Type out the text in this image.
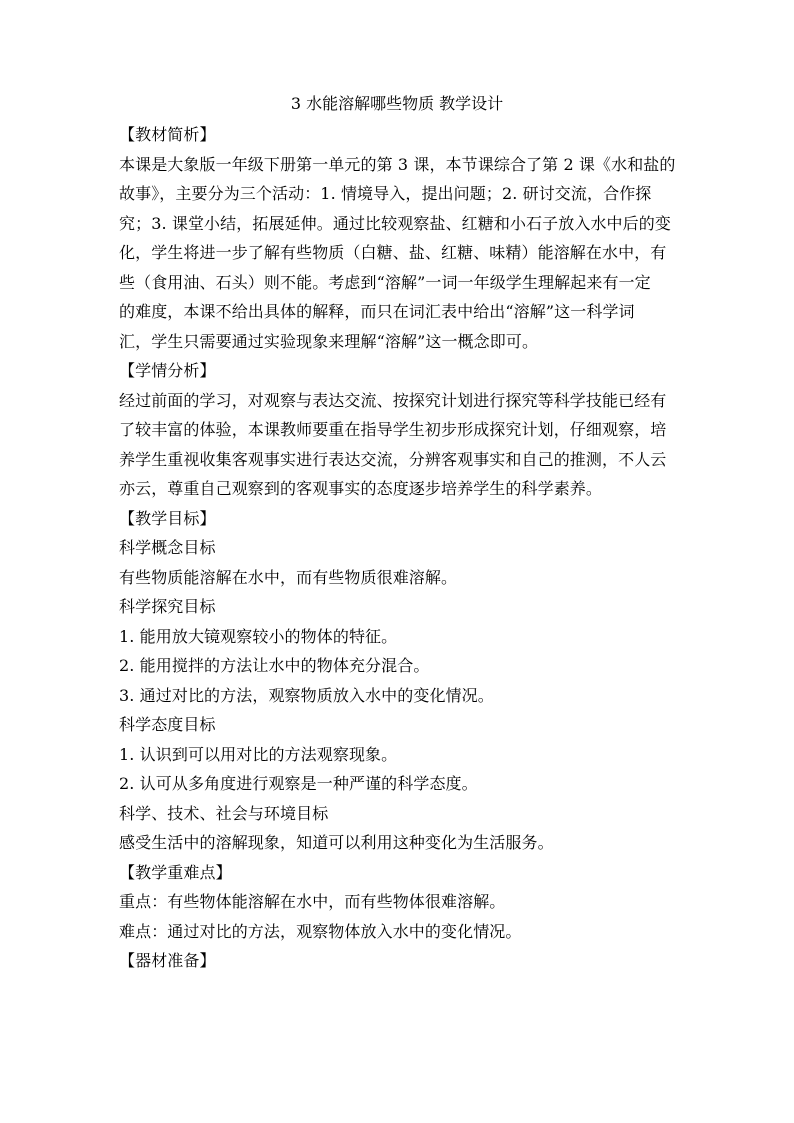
3 水能溶解哪些物质 教学设计
【教材简析】
本课是大象版一年级下册第一单元的第 3 课，本节课综合了第 2 课《水和盐的
故事》，主要分为三个活动：1. 情境导入，提出问题；2. 研讨交流，合作探
究；3. 课堂小结，拓展延伸。通过比较观察盐、红糖和小石子放入水中后的变
化，学生将进一步了解有些物质（白糖、盐、红糖、味精）能溶解在水中，有
些（食用油、石头）则不能。考虑到“溶解”一词一年级学生理解起来有一定
的难度，本课不给出具体的解释，而只在词汇表中给出“溶解”这一科学词
汇，学生只需要通过实验现象来理解“溶解”这一概念即可。
【学情分析】
经过前面的学习，对观察与表达交流、按探究计划进行探究等科学技能已经有
了较丰富的体验，本课教师要重在指导学生初步形成探究计划，仔细观察，培
养学生重视收集客观事实进行表达交流，分辨客观事实和自己的推测，不人云
亦云，尊重自己观察到的客观事实的态度逐步培养学生的科学素养。
【教学目标】
科学概念目标
有些物质能溶解在水中，而有些物质很难溶解。
科学探究目标
1. 能用放大镜观察较小的物体的特征。
2. 能用搅拌的方法让水中的物体充分混合。
3. 通过对比的方法，观察物质放入水中的变化情况。
科学态度目标
1. 认识到可以用对比的方法观察现象。
2. 认可从多角度进行观察是一种严谨的科学态度。
科学、技术、社会与环境目标
感受生活中的溶解现象，知道可以利用这种变化为生活服务。
【教学重难点】
重点：有些物体能溶解在水中，而有些物体很难溶解。
难点：通过对比的方法，观察物体放入水中的变化情况。
【器材准备】
